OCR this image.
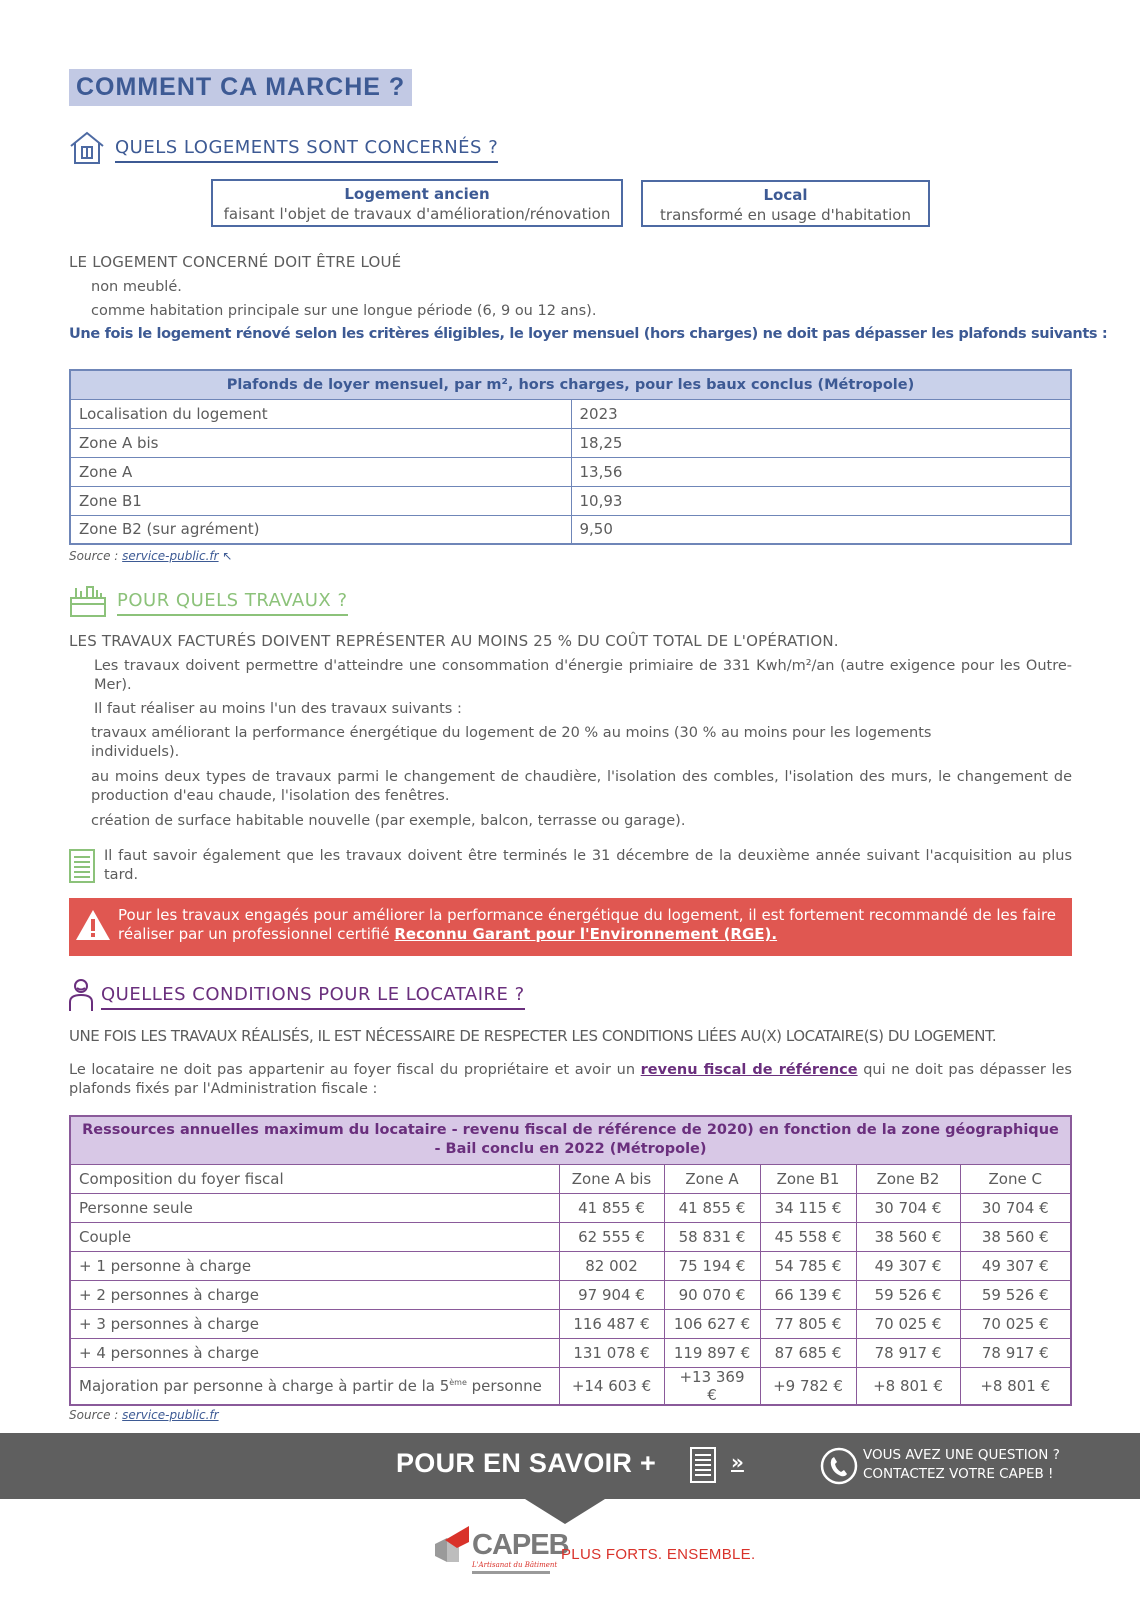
COMMENT CA MARCHE ?
QUELS LOGEMENTS SONT CONCERNÉS ?
Logement ancien
faisant l'objet de travaux d'amélioration/rénovation
Local
transformé en usage d'habitation
LE LOGEMENT CONCERNÉ DOIT ÊTRE LOUÉ
non meublé.
comme habitation principale sur une longue période (6, 9 ou 12 ans).
Une fois le logement rénové selon les critères éligibles, le loyer mensuel (hors charges) ne doit pas dépasser les plafonds suivants :
Plafonds de loyer mensuel, par m², hors charges, pour les baux conclus (Métropole)	
Localisation du logement	2023
Zone A bis	18,25
Zone A	13,56
Zone B1	10,93
Zone B2 (sur agrément)	9,50
Source : service-public.fr ↖
POUR QUELS TRAVAUX ?
LES TRAVAUX FACTURÉS DOIVENT REPRÉSENTER AU MOINS 25 % DU COÛT TOTAL DE L'OPÉRATION.
Les travaux doivent permettre d'atteindre une consommation d'énergie primiaire de 331 Kwh/m²/an (autre exigence pour les Outre-Mer).
Il faut réaliser au moins l'un des travaux suivants :
travaux améliorant la performance énergétique du logement de 20 % au moins (30 % au moins pour les logements individuels).
au moins deux types de travaux parmi le changement de chaudière, l'isolation des combles, l'isolation des murs, le changement de production d'eau chaude, l'isolation des fenêtres.
création de surface habitable nouvelle (par exemple, balcon, terrasse ou garage).
Il faut savoir également que les travaux doivent être terminés le 31 décembre de la deuxième année suivant l'acquisition au plus tard.
Pour les travaux engagés pour améliorer la performance énergétique du logement, il est fortement recommandé de les faire réaliser par un professionnel certifié Reconnu Garant pour l'Environnement (RGE).
QUELLES CONDITIONS POUR LE LOCATAIRE ?
UNE FOIS LES TRAVAUX RÉALISÉS, IL EST NÉCESSAIRE DE RESPECTER LES CONDITIONS LIÉES AU(X) LOCATAIRE(S) DU LOGEMENT.
Le locataire ne doit pas appartenir au foyer fiscal du propriétaire et avoir un revenu fiscal de référence qui ne doit pas dépasser les plafonds fixés par l'Administration fiscale :
Ressources annuelles maximum du locataire - revenu fiscal de référence de 2020) en fonction de la zone géographique - Bail conclu en 2022 (Métropole)					
Composition du foyer fiscal	Zone A bis	Zone A	Zone B1	Zone B2	Zone C
Personne seule	41 855 €	41 855 €	34 115 €	30 704 €	30 704 €
Couple	62 555 €	58 831 €	45 558 €	38 560 €	38 560 €
+ 1 personne à charge	82 002	75 194 €	54 785 €	49 307 €	49 307 €
+ 2 personnes à charge	97 904 €	90 070 €	66 139 €	59 526 €	59 526 €
+ 3 personnes à charge	116 487 €	106 627 €	77 805 €	70 025 €	70 025 €
+ 4 personnes à charge	131 078 €	119 897 €	87 685 €	78 917 €	78 917 €
Majoration par personne à charge à partir de la 5ème personne	+14 603 €	+13 369 €	+9 782 €	+8 801 €	+8 801 €
Source : service-public.fr
POUR EN SAVOIR +	»	VOUS AVEZ UNE QUESTION ?
CONTACTEZ VOTRE CAPEB !
CAPEB
L'Artisanat du Bâtiment
PLUS FORTS. ENSEMBLE.
